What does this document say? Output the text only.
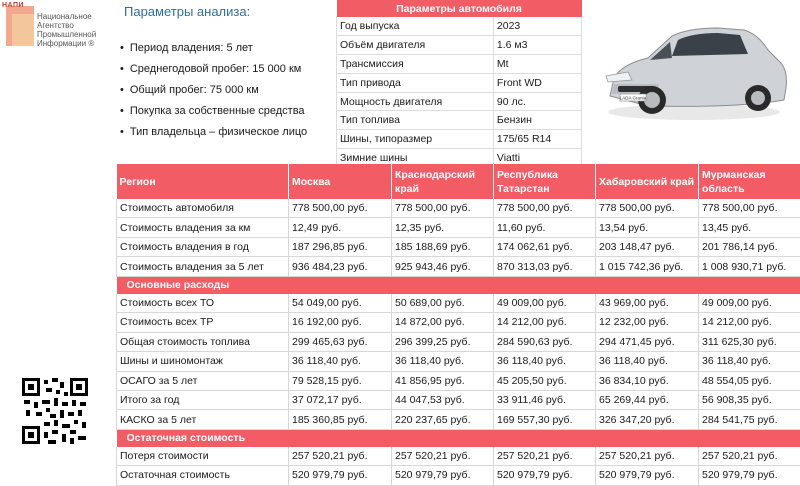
НАПИ
Национальное Агентство Промышленной Информации ®
Параметры анализа:
• Период владения: 5 лет
• Среднегодовой пробег: 15 000 км
• Общий пробег: 75 000 км
• Покупка за собственные средства
• Тип владельца – физическое лицо
Параметры автомобиля	
Год выпуска	2023
Объём двигателя	1.6 м3
Трансмиссия	Mt
Тип привода	Front WD
Мощность двигателя	90 лс.
Тип топлива	Бензин
Шины, типоразмер	175/65 R14
Зимние шины	Viatti
LADA Granta
Регион	Москва	Краснодарский край	Республика Татарстан	Хабаровский край	Мурманская область
Стоимость автомобиля	778 500,00 руб.	778 500,00 руб.	778 500,00 руб.	778 500,00 руб.	778 500,00 руб.
Стоимость владения за км	12,49 руб.	12,35 руб.	11,60 руб.	13,54 руб.	13,45 руб.
Стоимость владения в год	187 296,85 руб.	185 188,69 руб.	174 062,61 руб.	203 148,47 руб.	201 786,14 руб.
Стоимость владения за 5 лет	936 484,23 руб.	925 943,46 руб.	870 313,03 руб.	1 015 742,36 руб.	1 008 930,71 руб.
Основные расходы					
Стоимость всех ТО	54 049,00 руб.	50 689,00 руб.	49 009,00 руб.	43 969,00 руб.	49 009,00 руб.
Стоимость всех ТР	16 192,00 руб.	14 872,00 руб.	14 212,00 руб.	12 232,00 руб.	14 212,00 руб.
Общая стоимость топлива	299 465,63 руб.	296 399,25 руб.	284 590,63 руб.	294 471,45 руб.	311 625,30 руб.
Шины и шиномонтаж	36 118,40 руб.	36 118,40 руб.	36 118,40 руб.	36 118,40 руб.	36 118,40 руб.
ОСАГО за 5 лет	79 528,15 руб.	41 856,95 руб.	45 205,50 руб.	36 834,10 руб.	48 554,05 руб.
Итого за год	37 072,17 руб.	44 047,53 руб.	33 911,46 руб.	65 269,44 руб.	56 908,35 руб.
КАСКО за 5 лет	185 360,85 руб.	220 237,65 руб.	169 557,30 руб.	326 347,20 руб.	284 541,75 руб.
Остаточная стоимость					
Потеря стоимости	257 520,21 руб.	257 520,21 руб.	257 520,21 руб.	257 520,21 руб.	257 520,21 руб.
Остаточная стоимость	520 979,79 руб.	520 979,79 руб.	520 979,79 руб.	520 979,79 руб.	520 979,79 руб.
